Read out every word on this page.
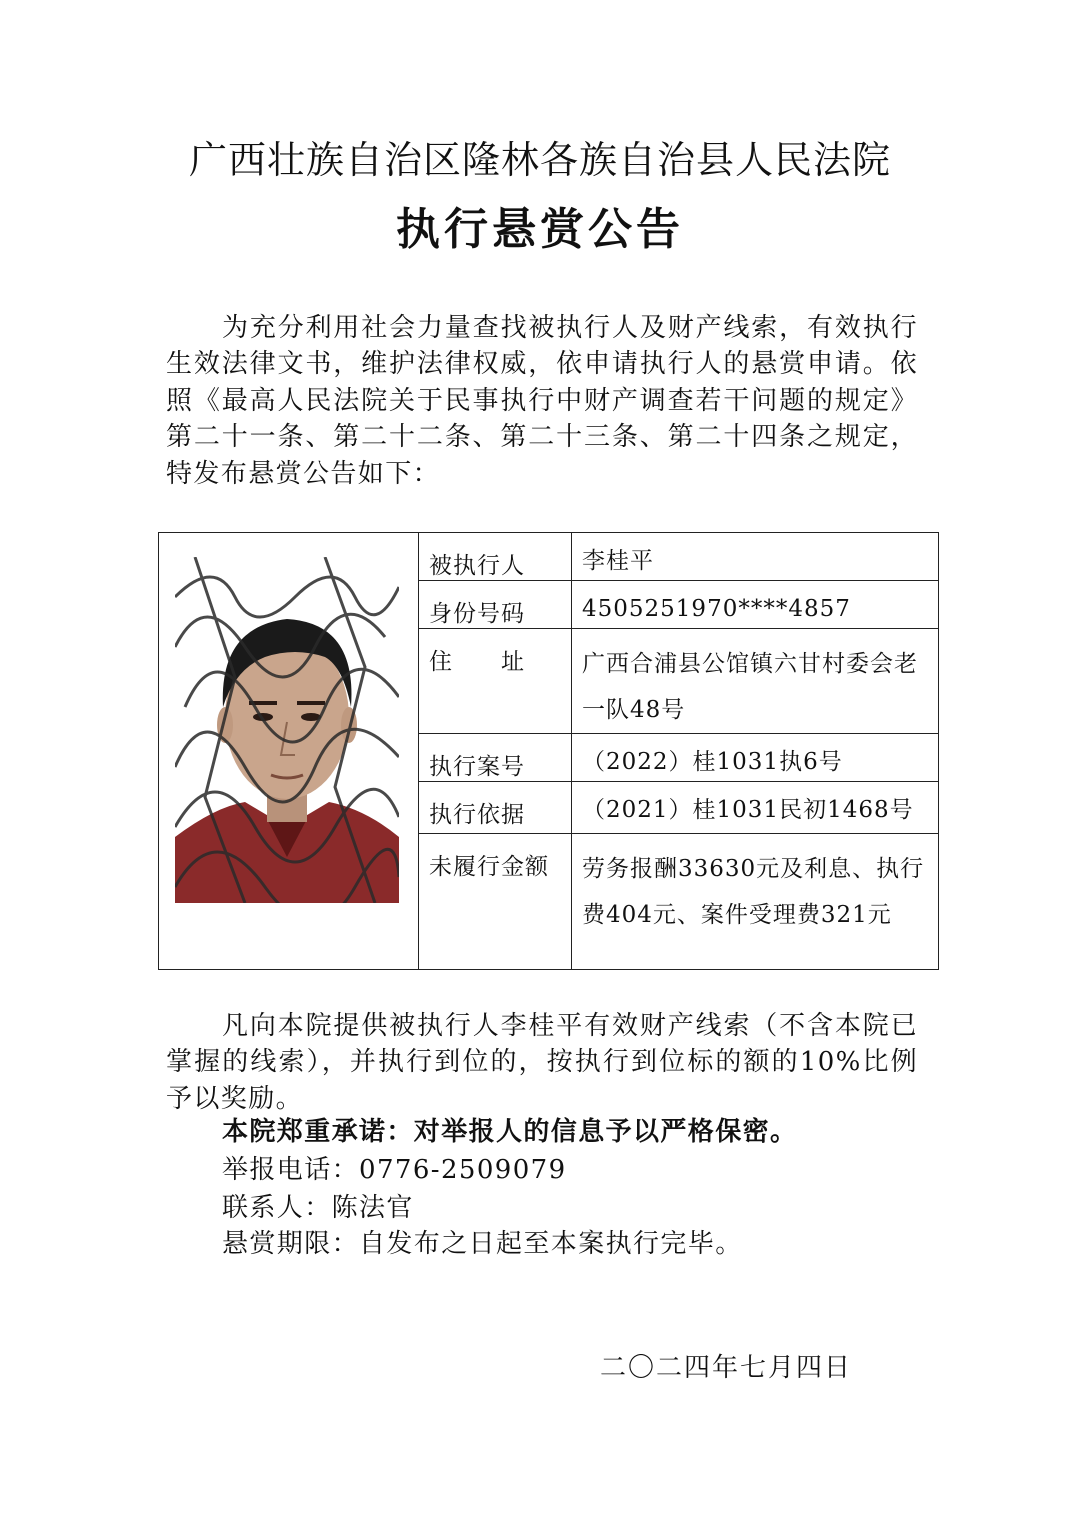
广西壮族自治区隆林各族自治县人民法院
执行悬赏公告

为充分利用社会力量查找被执行人及财产线索，有效执行生效法律文书，维护法律权威，依申请执行人的悬赏申请。依照《最高人民法院关于民事执行中财产调查若干问题的规定》第二十一条、第二十二条、第二十三条、第二十四条之规定，特发布悬赏公告如下：

	被执行人	李桂平
	身份号码	4505251970****4857
	住　　址	广西合浦县公馆镇六甘村委会老一队48号
	执行案号	（2022）桂1031执6号
	执行依据	（2021）桂1031民初1468号
	未履行金额	劳务报酬33630元及利息、执行费404元、案件受理费321元

凡向本院提供被执行人李桂平有效财产线索（不含本院已掌握的线索），并执行到位的，按执行到位标的额的10%比例予以奖励。

本院郑重承诺：对举报人的信息予以严格保密。
举报电话：0776-2509079
联系人：陈法官
悬赏期限：自发布之日起至本案执行完毕。
二〇二四年七月四日
